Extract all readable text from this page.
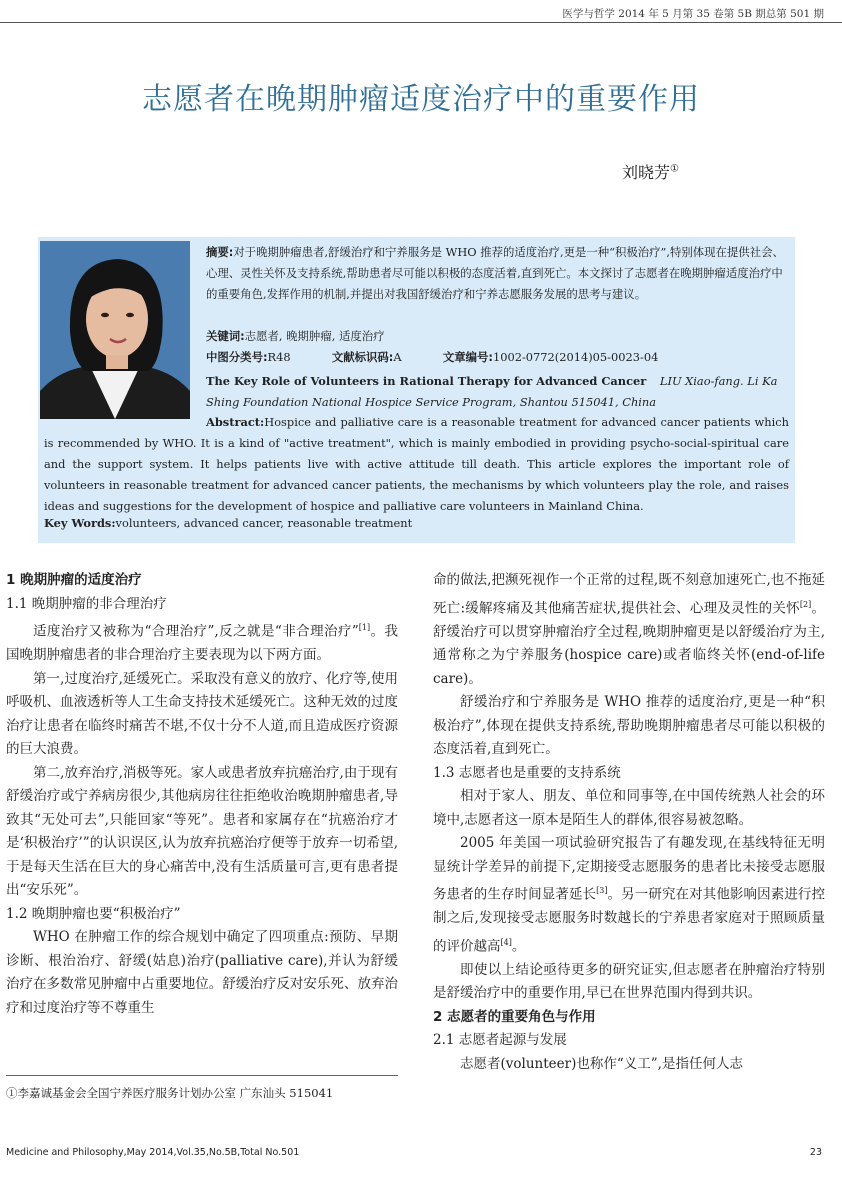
医学与哲学 2014 年 5 月第 35 卷第 5B 期总第 501 期
志愿者在晚期肿瘤适度治疗中的重要作用
刘晓芳①
摘要:对于晚期肿瘤患者,舒缓治疗和宁养服务是 WHO 推荐的适度治疗,更是一种“积极治疗”,特别体现在提供社会、心理、灵性关怀及支持系统,帮助患者尽可能以积极的态度活着,直到死亡。本文探讨了志愿者在晚期肿瘤适度治疗中的重要角色,发挥作用的机制,并提出对我国舒缓治疗和宁养志愿服务发展的思考与建议。
关键词:志愿者, 晚期肿瘤, 适度治疗
中图分类号:R48	文献标识码:A	文章编号:1002-0772(2014)05-0023-04
The Key Role of Volunteers in Rational Therapy for Advanced Cancer LIU Xiao-fang. Li Ka Shing Foundation National Hospice Service Program, Shantou 515041, China
Abstract:Hospice and palliative care is a reasonable treatment for advanced cancer patients which is recommended by WHO. It is a kind of "active treatment", which is mainly embodied in providing psycho-social-spiritual care and the support system. It helps patients live with active attitude till death. This article explores the important role of volunteers in reasonable treatment for advanced cancer patients, the mechanisms by which volunteers play the role, and raises ideas and suggestions for the development of hospice and palliative care volunteers in Mainland China.
Key Words:volunteers, advanced cancer, reasonable treatment

1 晚期肿瘤的适度治疗

1.1 晚期肿瘤的非合理治疗

适度治疗又被称为“合理治疗”,反之就是“非合理治疗”[1]。我国晚期肿瘤患者的非合理治疗主要表现为以下两方面。

第一,过度治疗,延缓死亡。采取没有意义的放疗、化疗等,使用呼吸机、血液透析等人工生命支持技术延缓死亡。这种无效的过度治疗让患者在临终时痛苦不堪,不仅十分不人道,而且造成医疗资源的巨大浪费。

第二,放弃治疗,消极等死。家人或患者放弃抗癌治疗,由于现有舒缓治疗或宁养病房很少,其他病房往往拒绝收治晚期肿瘤患者,导致其“无处可去”,只能回家“等死”。患者和家属存在“抗癌治疗才是‘积极治疗’”的认识误区,认为放弃抗癌治疗便等于放弃一切希望,于是每天生活在巨大的身心痛苦中,没有生活质量可言,更有患者提出“安乐死”。

1.2 晚期肿瘤也要“积极治疗”

WHO 在肿瘤工作的综合规划中确定了四项重点:预防、早期诊断、根治治疗、舒缓(姑息)治疗(palliative care),并认为舒缓治疗在多数常见肿瘤中占重要地位。舒缓治疗反对安乐死、放弃治疗和过度治疗等不尊重生

命的做法,把濒死视作一个正常的过程,既不刻意加速死亡,也不拖延死亡:缓解疼痛及其他痛苦症状,提供社会、心理及灵性的关怀[2]。舒缓治疗可以贯穿肿瘤治疗全过程,晚期肿瘤更是以舒缓治疗为主,通常称之为宁养服务(hospice care)或者临终关怀(end-of-life care)。

舒缓治疗和宁养服务是 WHO 推荐的适度治疗,更是一种“积极治疗”,体现在提供支持系统,帮助晚期肿瘤患者尽可能以积极的态度活着,直到死亡。

1.3 志愿者也是重要的支持系统

相对于家人、朋友、单位和同事等,在中国传统熟人社会的环境中,志愿者这一原本是陌生人的群体,很容易被忽略。

2005 年美国一项试验研究报告了有趣发现,在基线特征无明显统计学差异的前提下,定期接受志愿服务的患者比未接受志愿服务患者的生存时间显著延长[3]。另一研究在对其他影响因素进行控制之后,发现接受志愿服务时数越长的宁养患者家庭对于照顾质量的评价越高[4]。

即使以上结论亟待更多的研究证实,但志愿者在肿瘤治疗特别是舒缓治疗中的重要作用,早已在世界范围内得到共识。

2 志愿者的重要角色与作用

2.1 志愿者起源与发展

志愿者(volunteer)也称作“义工”,是指任何人志

①李嘉诚基金会全国宁养医疗服务计划办公室 广东汕头 515041
Medicine and Philosophy,May 2014,Vol.35,No.5B,Total No.501	23
